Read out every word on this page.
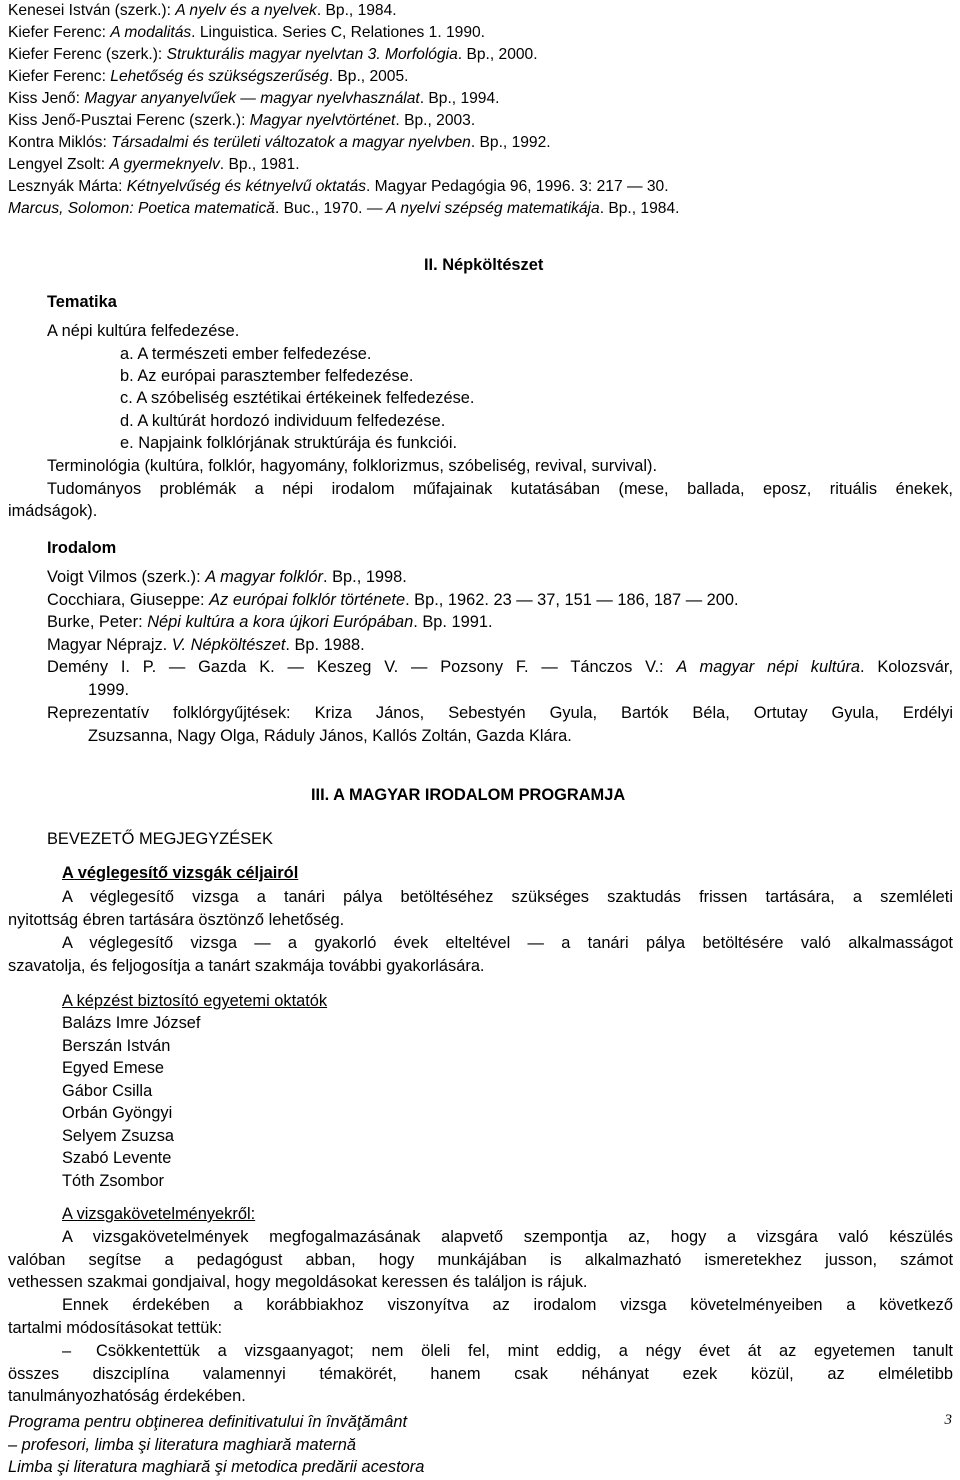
Kenesei István (szerk.): A nyelv és a nyelvek. Bp., 1984.
Kiefer Ferenc: A modalitás. Linguistica. Series C, Relationes 1. 1990.
Kiefer Ferenc (szerk.): Strukturális magyar nyelvtan 3. Morfológia. Bp., 2000.
Kiefer Ferenc: Lehetőség és szükségszerűség. Bp., 2005.
Kiss Jenő: Magyar anyanyelvűek — magyar nyelvhasználat. Bp., 1994.
Kiss Jenő-Pusztai Ferenc (szerk.): Magyar nyelvtörténet. Bp., 2003.
Kontra Miklós: Társadalmi és területi változatok a magyar nyelvben. Bp., 1992.
Lengyel Zsolt: A gyermeknyelv. Bp., 1981.
Lesznyák Márta: Kétnyelvűség és kétnyelvű oktatás. Magyar Pedagógia 96, 1996. 3: 217 — 30.
Marcus, Solomon: Poetica matematică. Buc., 1970. — A nyelvi szépség matematikája. Bp., 1984.
II. Népköltészet
Tematika
A népi kultúra felfedezése.
a. A természeti ember felfedezése.
b. Az európai parasztember felfedezése.
c. A szóbeliség esztétikai értékeinek felfedezése.
d. A kultúrát hordozó individuum felfedezése.
e. Napjaink folklórjának struktúrája és funkciói.
Terminológia (kultúra, folklór, hagyomány, folklorizmus, szóbeliség, revival, survival).
Tudományos problémák a népi irodalom műfajainak kutatásában (mese, ballada, eposz, rituális énekek,
imádságok).
Irodalom
Voigt Vilmos (szerk.): A magyar folklór. Bp., 1998.
Cocchiara, Giuseppe: Az európai folklór története. Bp., 1962. 23 — 37, 151 — 186, 187 — 200.
Burke, Peter: Népi kultúra a kora újkori Európában. Bp. 1991.
Magyar Néprajz. V. Népköltészet. Bp. 1988.
Demény I. P. — Gazda K. — Keszeg V. — Pozsony F. — Tánczos V.: A magyar népi kultúra. Kolozsvár,
1999.
Reprezentatív folklórgyűjtések: Kriza János, Sebestyén Gyula, Bartók Béla, Ortutay Gyula, Erdélyi
Zsuzsanna, Nagy Olga, Ráduly János, Kallós Zoltán, Gazda Klára.
III. A MAGYAR IRODALOM PROGRAMJA
BEVEZETŐ MEGJEGYZÉSEK
A véglegesítő vizsgák céljairól
A véglegesítő vizsga a tanári pálya betöltéséhez szükséges szaktudás frissen tartására, a szemléleti
nyitottság ébren tartására ösztönző lehetőség.
A véglegesítő vizsga — a gyakorló évek elteltével — a tanári pálya betöltésére való alkalmasságot
szavatolja, és feljogosítja a tanárt szakmája további gyakorlására.
A képzést biztosító egyetemi oktatók
Balázs Imre József
Berszán István
Egyed Emese
Gábor Csilla
Orbán Gyöngyi
Selyem Zsuzsa
Szabó Levente
Tóth Zsombor
A vizsgakövetelményekről:
A vizsgakövetelmények megfogalmazásának alapvető szempontja az, hogy a vizsgára való készülés
valóban segítse a pedagógust abban, hogy munkájában is alkalmazható ismeretekhez jusson, számot
vethessen szakmai gondjaival, hogy megoldásokat keressen és találjon is rájuk.
Ennek érdekében a korábbiakhoz viszonyítva az irodalom vizsga követelményeiben a következő
tartalmi módosításokat tettük:
– Csökkentettük a vizsgaanyagot; nem öleli fel, mint eddig, a négy évet át az egyetemen tanult
összes diszciplína valamennyi témakörét, hanem csak néhányat ezek közül, az elméletibb
tanulmányozhatóság érdekében.
Programa pentru obţinerea definitivatului în învăţământ
– profesori, limba şi literatura maghiară maternă
Limba şi literatura maghiară şi metodica predării acestora
3
